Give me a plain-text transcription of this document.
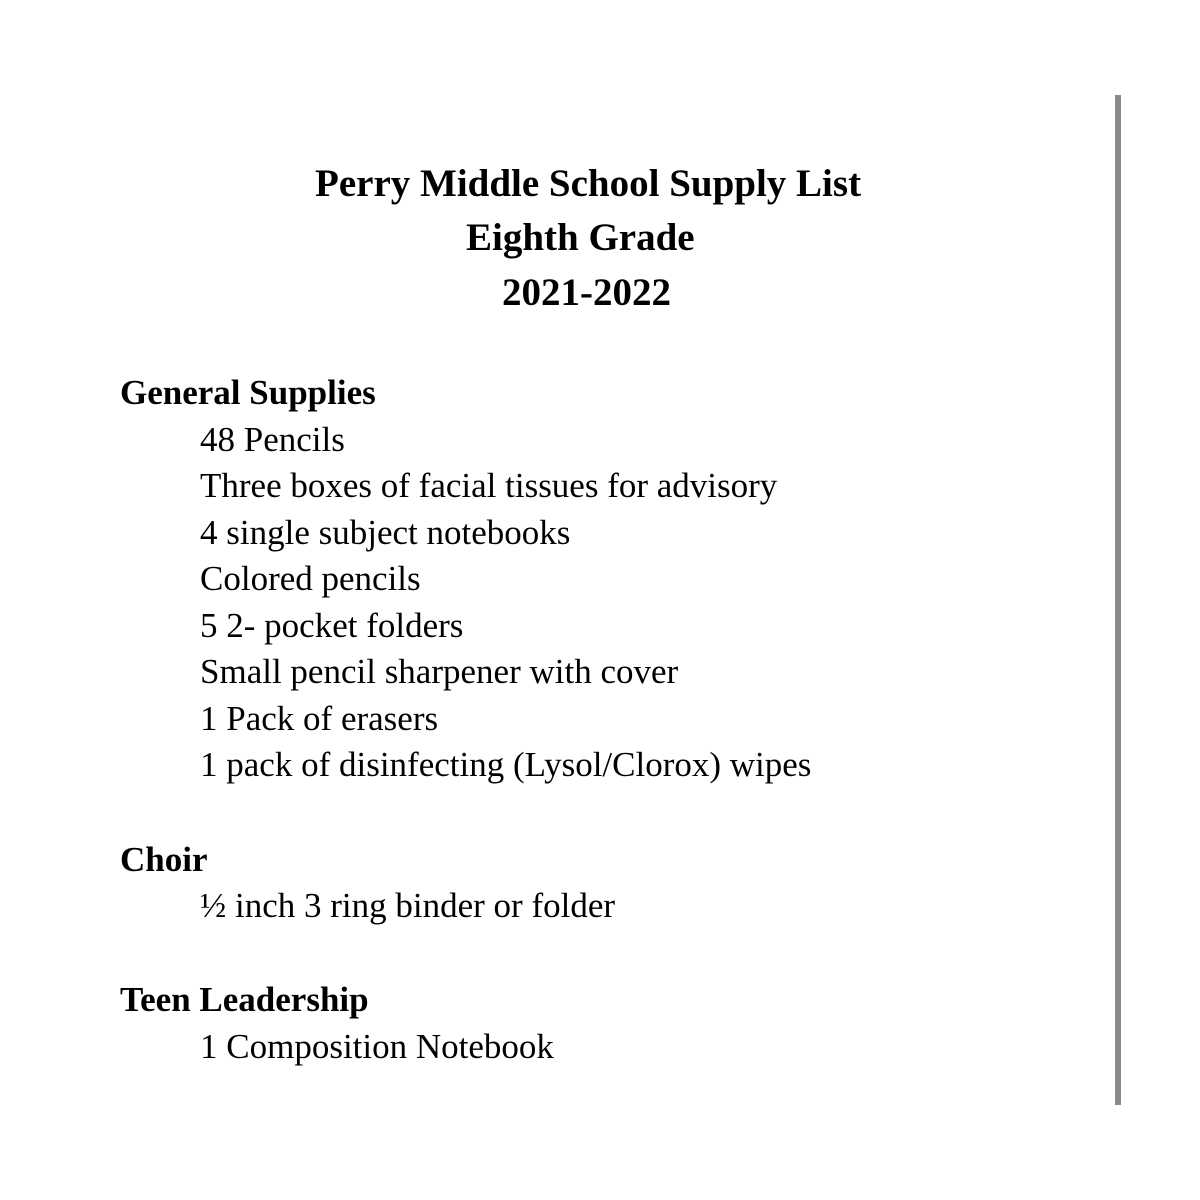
Perry Middle School Supply List
Eighth Grade
2021-2022
General Supplies
48 Pencils
Three boxes of facial tissues for advisory
4 single subject notebooks
Colored pencils
5 2- pocket folders
Small pencil sharpener with cover
1 Pack of erasers
1 pack of disinfecting (Lysol/Clorox) wipes
Choir
½ inch 3 ring binder or folder
Teen Leadership
1 Composition Notebook
